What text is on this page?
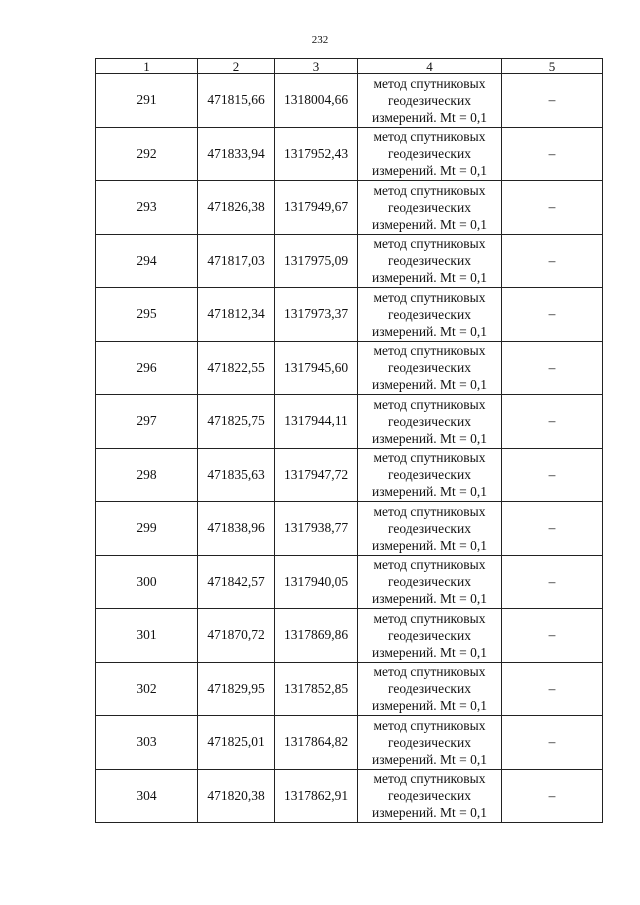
232
1	2	3	4	5
291	471815,66	1318004,66	метод спутниковых
геодезических
измерений. Mt = 0,1	–
292	471833,94	1317952,43	метод спутниковых
геодезических
измерений. Mt = 0,1	–
293	471826,38	1317949,67	метод спутниковых
геодезических
измерений. Mt = 0,1	–
294	471817,03	1317975,09	метод спутниковых
геодезических
измерений. Mt = 0,1	–
295	471812,34	1317973,37	метод спутниковых
геодезических
измерений. Mt = 0,1	–
296	471822,55	1317945,60	метод спутниковых
геодезических
измерений. Mt = 0,1	–
297	471825,75	1317944,11	метод спутниковых
геодезических
измерений. Mt = 0,1	–
298	471835,63	1317947,72	метод спутниковых
геодезических
измерений. Mt = 0,1	–
299	471838,96	1317938,77	метод спутниковых
геодезических
измерений. Mt = 0,1	–
300	471842,57	1317940,05	метод спутниковых
геодезических
измерений. Mt = 0,1	–
301	471870,72	1317869,86	метод спутниковых
геодезических
измерений. Mt = 0,1	–
302	471829,95	1317852,85	метод спутниковых
геодезических
измерений. Mt = 0,1	–
303	471825,01	1317864,82	метод спутниковых
геодезических
измерений. Mt = 0,1	–
304	471820,38	1317862,91	метод спутниковых
геодезических
измерений. Mt = 0,1	–
